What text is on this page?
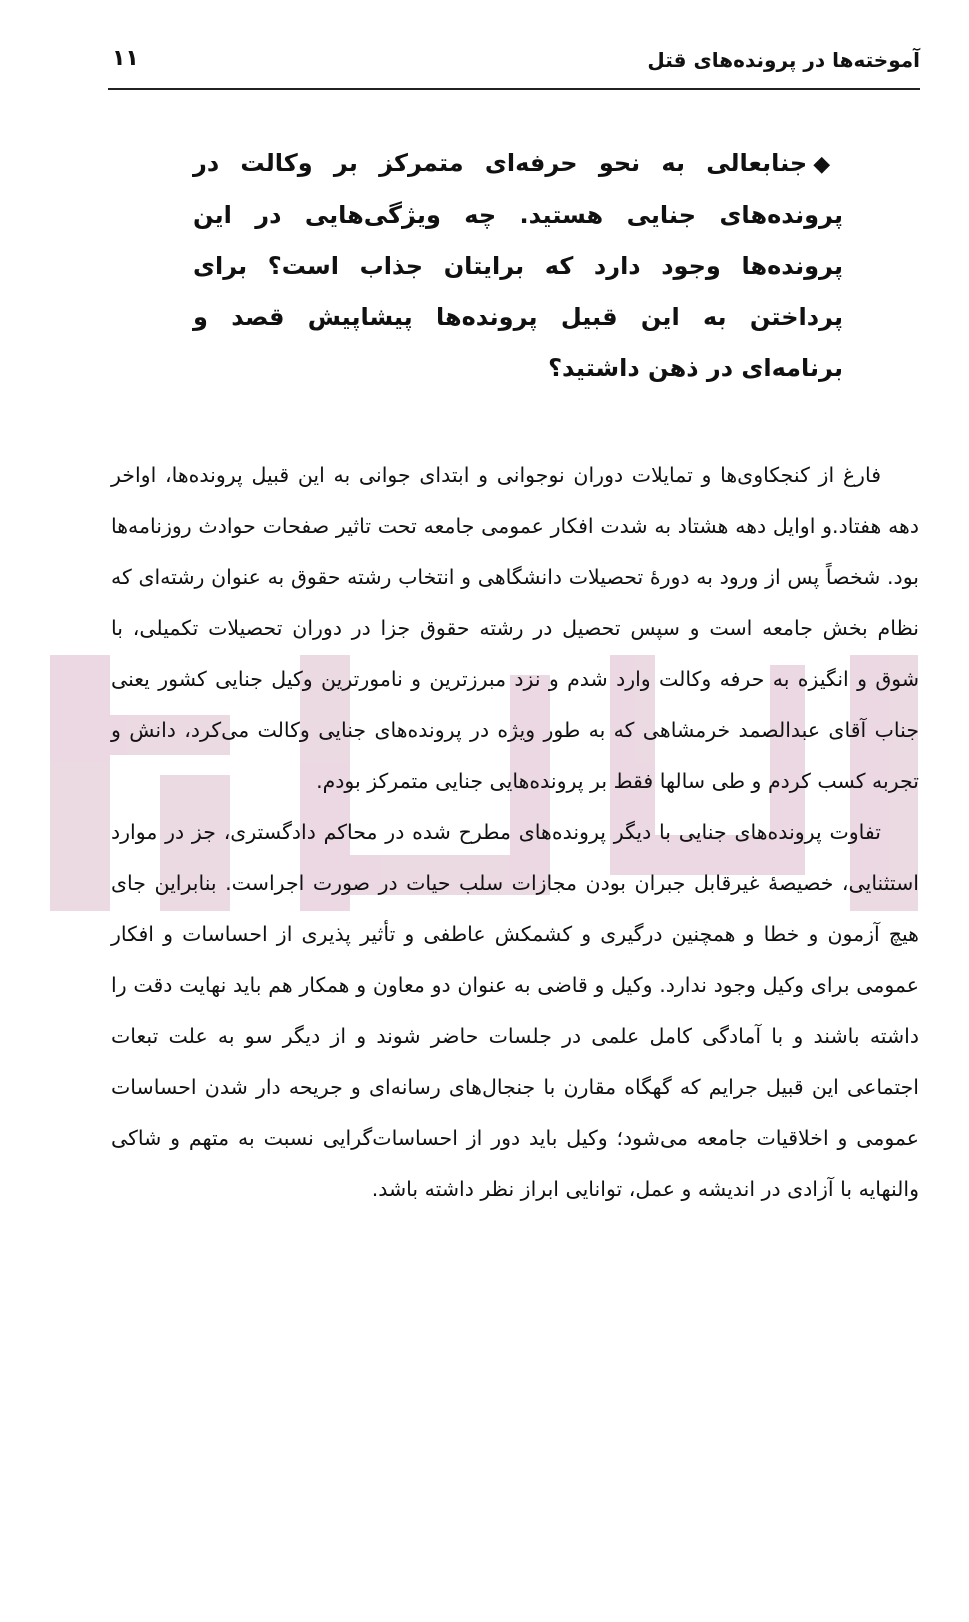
آموخته‌ها در پرونده‌های قتل
۱۱

◆جنابعالی به نحو حرفه‌ای متمرکز بر وکالت در پرونده‌های جنایی هستید. چه ویژگی‌هایی در این پرونده‌ها وجود دارد که برایتان جذاب است؟ برای پرداختن به این قبیل پرونده‌ها پیشاپیش قصد و برنامه‌ای در ذهن داشتید؟

فارغ از کنجکاوی‌ها و تمایلات دوران نوجوانی و ابتدای جوانی به این قبیل پرونده‌ها، اواخر دهه هفتاد.و اوایل دهه هشتاد به شدت افکار عمومی جامعه تحت تاثیر صفحات حوادث روزنامه‌ها بود. شخصاً پس از ورود به دورهٔ تحصیلات دانشگاهی و انتخاب رشته حقوق به عنوان رشته‌ای که نظام بخش جامعه است و سپس تحصیل در رشته حقوق جزا در دوران تحصیلات تکمیلی، با شوق و انگیزه به حرفه وکالت وارد شدم و نزد مبرزترین و نامورترین وکیل جنایی کشور یعنی جناب آقای عبدالصمد خرمشاهی که به طور ویژه در پرونده‌های جنایی وکالت می‌کرد، دانش و تجربه کسب کردم و طی سالها فقط بر پرونده‌هایی جنایی متمرکز بودم.

تفاوت پرونده‌های جنایی با دیگر پرونده‌های مطرح شده در محاکم دادگستری، جز در موارد استثنایی، خصیصهٔ غیرقابل جبران بودن مجازات سلب حیات در صورت اجراست. بنابراین جای هیچ آزمون و خطا و همچنین درگیری و کشمکش عاطفی و تأثیر پذیری از احساسات و افکار عمومی برای وکیل وجود ندارد. وکیل و قاضی به عنوان دو معاون و همکار هم باید نهایت دقت را داشته باشند و با آمادگی کامل علمی در جلسات حاضر شوند و از دیگر سو به علت تبعات اجتماعی این قبیل جرایم که گهگاه مقارن با جنجال‌های رسانه‌ای و جریحه دار شدن احساسات عمومی و اخلاقیات جامعه می‌شود؛ وکیل باید دور از احساسات‌گرایی نسبت به متهم و شاکی والنهایه با آزادی در اندیشه و عمل، توانایی ابراز نظر داشته باشد.
